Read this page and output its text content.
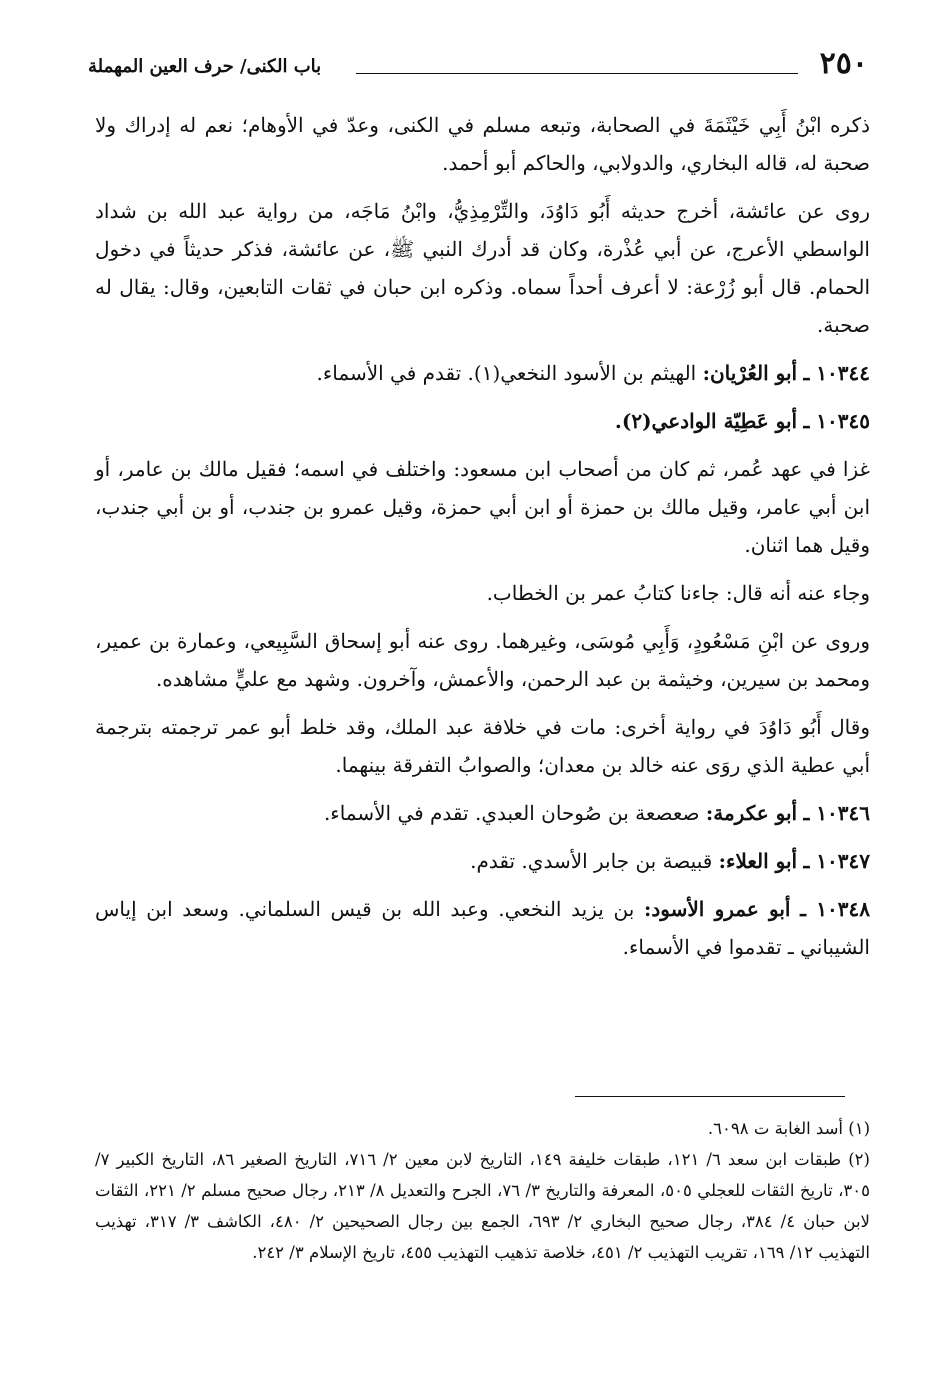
٢٥٠
باب الكنى/ حرف العين المهملة

ذكره ابْنُ أَبِي خَيْثَمَةَ في الصحابة، وتبعه مسلم في الكنى، وعدّ في الأوهام؛ نعم له إدراك ولا صحبة له، قاله البخاري، والدولابي، والحاكم أبو أحمد.

روى عن عائشة، أخرج حديثه أَبُو دَاوُدَ، والتِّرْمِذِيُّ، وابْنُ مَاجَه، من رواية عبد الله بن شداد الواسطي الأعرج، عن أبي عُذْرة، وكان قد أدرك النبي ﷺ، عن عائشة، فذكر حديثاً في دخول الحمام. قال أبو زُرْعة: لا أعرف أحداً سماه. وذكره ابن حبان في ثقات التابعين، وقال: يقال له صحبة.

١٠٣٤٤ ـ أبو العُرْيان: الهيثم بن الأسود النخعي(١). تقدم في الأسماء.

١٠٣٤٥ ـ أبو عَطِيّة الوادعي(٢).

غزا في عهد عُمر، ثم كان من أصحاب ابن مسعود: واختلف في اسمه؛ فقيل مالك بن عامر، أو ابن أبي عامر، وقيل مالك بن حمزة أو ابن أبي حمزة، وقيل عمرو بن جندب، أو بن أبي جندب، وقيل هما اثنان.

وجاء عنه أنه قال: جاءنا كتابُ عمر بن الخطاب.

وروى عن ابْنِ مَسْعُودٍ، وَأَبِي مُوسَى، وغيرهما. روى عنه أبو إسحاق السَّبِيعي، وعمارة بن عمير، ومحمد بن سيرين، وخيثمة بن عبد الرحمن، والأعمش، وآخرون. وشهد مع عليٍّ مشاهده.

وقال أَبُو دَاوُدَ في رواية أخرى: مات في خلافة عبد الملك، وقد خلط أبو عمر ترجمته بترجمة أبي عطية الذي روَى عنه خالد بن معدان؛ والصوابُ التفرقة بينهما.

١٠٣٤٦ ـ أبو عكرمة: صعصعة بن صُوحان العبدي. تقدم في الأسماء.

١٠٣٤٧ ـ أبو العلاء: قبيصة بن جابر الأسدي. تقدم.

١٠٣٤٨ ـ أبو عمرو الأسود: بن يزيد النخعي. وعبد الله بن قيس السلماني. وسعد ابن إياس الشيباني ـ تقدموا في الأسماء.

(١) أسد الغابة ت ٦٠٩٨.

(٢) طبقات ابن سعد ٦/ ١٢١، طبقات خليفة ١٤٩، التاريخ لابن معين ٢/ ٧١٦، التاريخ الصغير ٨٦، التاريخ الكبير ٧/ ٣٠٥، تاريخ الثقات للعجلي ٥٠٥، المعرفة والتاريخ ٣/ ٧٦، الجرح والتعديل ٨/ ٢١٣، رجال صحيح مسلم ٢/ ٢٢١، الثقات لابن حبان ٤/ ٣٨٤، رجال صحيح البخاري ٢/ ٦٩٣، الجمع بين رجال الصحيحين ٢/ ٤٨٠، الكاشف ٣/ ٣١٧، تهذيب التهذيب ١٢/ ١٦٩، تقريب التهذيب ٢/ ٤٥١، خلاصة تذهيب التهذيب ٤٥٥، تاريخ الإسلام ٣/ ٢٤٢.
